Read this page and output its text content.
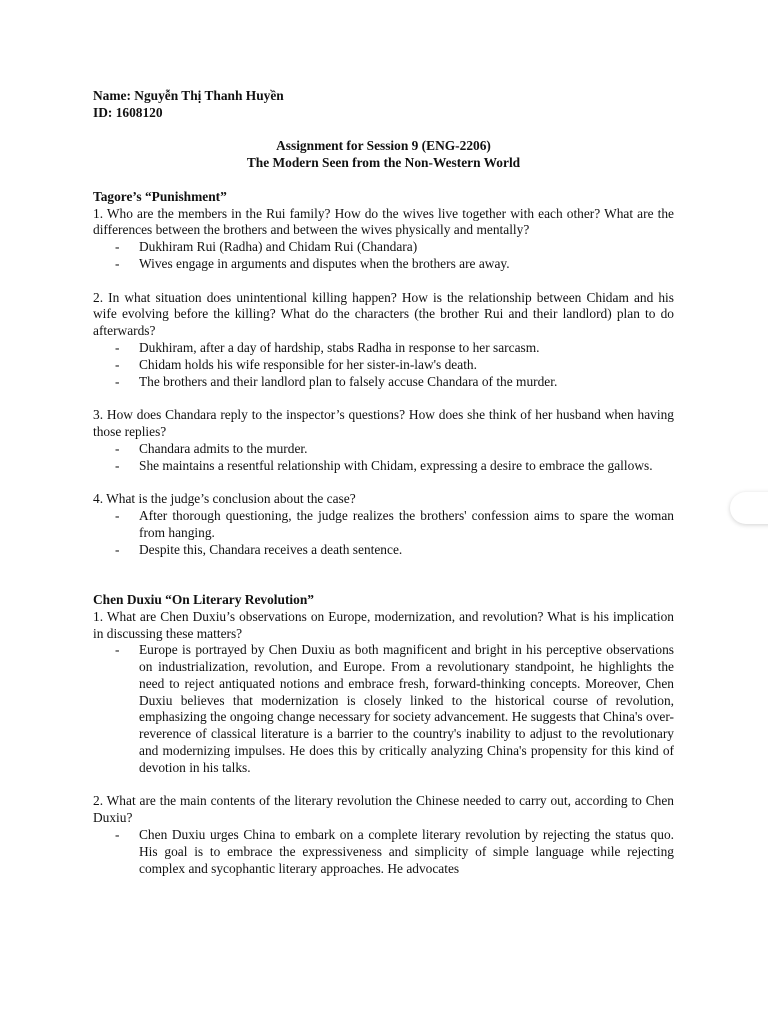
Name: Nguyễn Thị Thanh Huyền

ID: 1608120

Assignment for Session 9 (ENG-2206)

The Modern Seen from the Non-Western World

Tagore’s “Punishment”

1. Who are the members in the Rui family? How do the wives live together with each other? What are the differences between the brothers and between the wives physically and mentally?

- Dukhiram Rui (Radha) and Chidam Rui (Chandara)
- Wives engage in arguments and disputes when the brothers are away.

2. In what situation does unintentional killing happen? How is the relationship between Chidam and his wife evolving before the killing? What do the characters (the brother Rui and their landlord) plan to do afterwards?

- Dukhiram, after a day of hardship, stabs Radha in response to her sarcasm.
- Chidam holds his wife responsible for her sister-in-law's death.
- The brothers and their landlord plan to falsely accuse Chandara of the murder.

3. How does Chandara reply to the inspector’s questions? How does she think of her husband when having those replies?

- Chandara admits to the murder.
- She maintains a resentful relationship with Chidam, expressing a desire to embrace the gallows.

4. What is the judge’s conclusion about the case?

- After thorough questioning, the judge realizes the brothers' confession aims to spare the woman from hanging.
- Despite this, Chandara receives a death sentence.

Chen Duxiu “On Literary Revolution”

1. What are Chen Duxiu’s observations on Europe, modernization, and revolution? What is his implication in discussing these matters?

- Europe is portrayed by Chen Duxiu as both magnificent and bright in his perceptive observations on industrialization, revolution, and Europe. From a revolutionary standpoint, he highlights the need to reject antiquated notions and embrace fresh, forward-thinking concepts. Moreover, Chen Duxiu believes that modernization is closely linked to the historical course of revolution, emphasizing the ongoing change necessary for society advancement. He suggests that China's over-reverence of classical literature is a barrier to the country's inability to adjust to the revolutionary and modernizing impulses. He does this by critically analyzing China's propensity for this kind of devotion in his talks.

2. What are the main contents of the literary revolution the Chinese needed to carry out, according to Chen Duxiu?

- Chen Duxiu urges China to embark on a complete literary revolution by rejecting the status quo. His goal is to embrace the expressiveness and simplicity of simple language while rejecting complex and sycophantic literary approaches. He advocates
